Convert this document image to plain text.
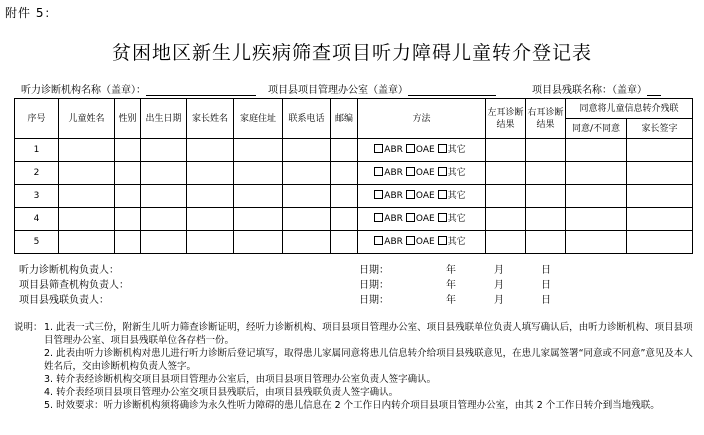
附件 5：
贫困地区新生儿疾病筛查项目听力障碍儿童转介登记表
听力诊断机构名称（盖章）：	项目县项目管理办公室（盖章）	项目县残联名称：（盖章）
序号	儿童姓名	性别	出生日期	家长姓名	家庭住址	联系电话	邮编	方法	左耳诊断结果	右耳诊断结果	同意将儿童信息转介残联	
											同意/不同意	家长签字
1								ABR OAE 其它				
2								ABR OAE 其它				
3								ABR OAE 其它				
4								ABR OAE 其它				
5								ABR OAE 其它				
听力诊断机构负责人：
项目县筛查机构负责人：
项目县残联负责人：
日期：	年	月	日
日期：	年	月	日
日期：	年	月	日
说明： 1. 此表一式三份，附新生儿听力筛查诊断证明，经听力诊断机构、项目县项目管理办公室、项目县残联单位负责人填写确认后，由听力诊断机构、项目县项目管理办公室、项目县残联单位各存档一份。
2. 此表由听力诊断机构对患儿进行听力诊断后登记填写，取得患儿家属同意将患儿信息转介给项目县残联意见，在患儿家属签署“同意或不同意”意见及本人姓名后，交由诊断机构负责人签字。
3. 转介表经诊断机构交项目县项目管理办公室后，由项目县项目管理办公室负责人签字确认。
4. 转介表经项目县项目管理办公室交项目县残联后，由项目县残联负责人签字确认。
5. 时效要求：听力诊断机构须将确诊为永久性听力障碍的患儿信息在 2 个工作日内转介项目县项目管理办公室，由其 2 个工作日转介到当地残联。
